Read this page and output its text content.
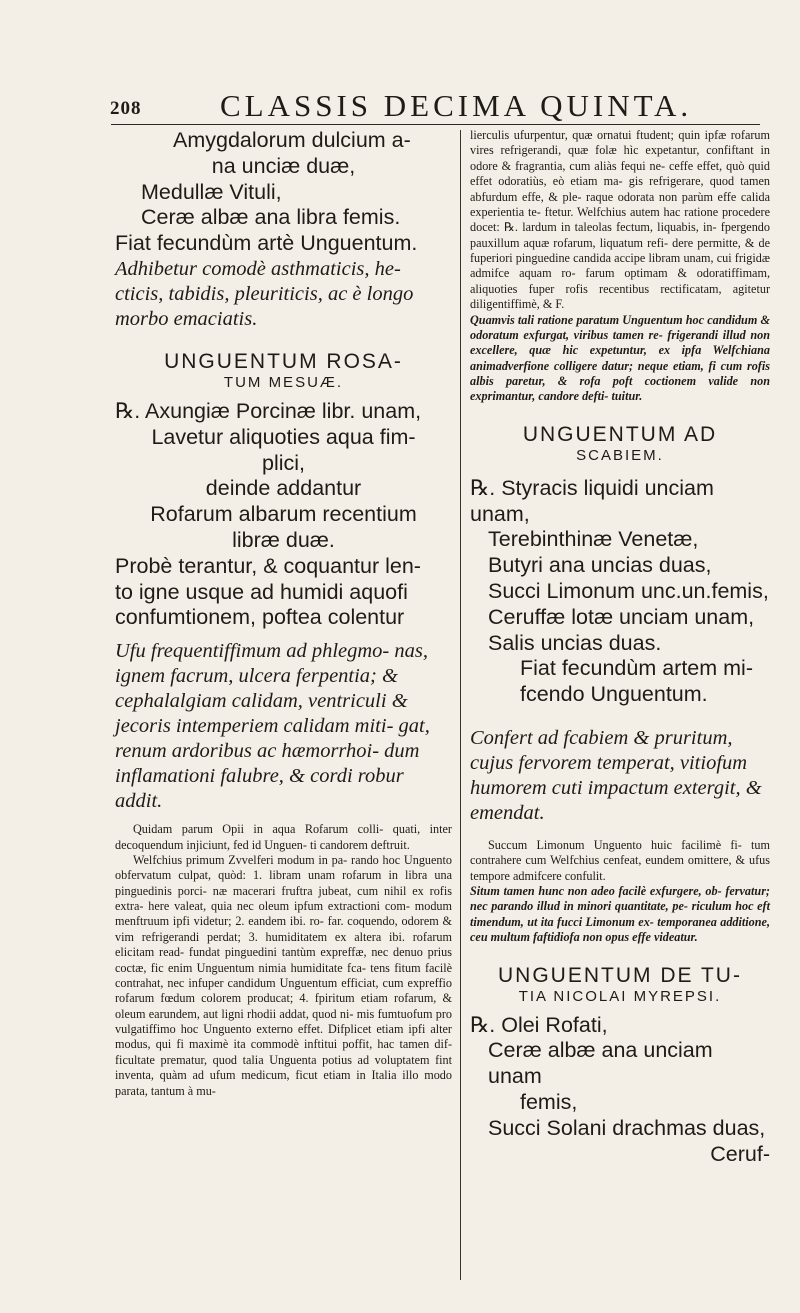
208	CLASSIS DECIMA QUINTA.

Amygdalorum dulcium a-

na unciæ duæ,

Medullæ Vituli,

Ceræ albæ ana libra femis.

Fiat fecundùm artè Unguentum.

Adhibetur comodè asthmaticis, he- cticis, tabidis, pleuriticis, ac è longo morbo emaciatis.

UNGUENTUM ROSA-

TUM MESUÆ.

℞. Axungiæ Porcinæ libr. unam,

Lavetur aliquoties aqua fim-

plici,

deinde addantur

Rofarum albarum recentium

libræ duæ.

Probè terantur, & coquantur len-

to igne usque ad humidi aquofi

confumtionem, poftea colentur

Ufu frequentiffimum ad phlegmo- nas, ignem facrum, ulcera ferpentia; & cephalalgiam calidam, ventriculi & jecoris intemperiem calidam miti- gat, renum ardoribus ac hæmorrhoi- dum inflamationi falubre, & cordi robur addit.

Quidam parum Opii in aqua Rofarum colli- quati, inter decoquendum injiciunt, fed id Unguen- ti candorem deftruit.

Welfchius primum Zvvelferi modum in pa- rando hoc Unguento obfervatum culpat, quòd: 1. libram unam rofarum in libra una pinguedinis porci- næ macerari fruftra jubeat, cum nihil ex rofis extra- here valeat, quia nec oleum ipfum extractioni com- modum menftruum ipfi videtur; 2. eandem ibi. ro- far. coquendo, odorem & vim refrigerandi perdat; 3. humiditatem ex altera ibi. rofarum elicitam read- fundat pinguedini tantùm expreffæ, nec denuo prius coctæ, fic enim Unguentum nimia humiditate fca- tens fitum facilè contrahat, nec infuper candidum Unguentum efficiat, cum expreffio rofarum fœdum colorem producat; 4. fpiritum etiam rofarum, & oleum earundem, aut ligni rhodii addat, quod ni- mis fumtuofum pro vulgatiffimo hoc Unguento externo effet. Difplicet etiam ipfi alter modus, qui fi maximè ita commodè inftitui poffit, hac tamen dif- ficultate prematur, quod talia Unguenta potius ad voluptatem fint inventa, quàm ad ufum medicum, ficut etiam in Italia illo modo parata, tantum à mu-

lierculis ufurpentur, quæ ornatui ftudent; quin ipfæ rofarum vires refrigerandi, quæ folæ hìc expetantur, confiftant in odore & fragrantia, cum aliàs fequi ne- ceffe effet, quò quid effet odoratiùs, eò etiam ma- gis refrigerare, quod tamen abfurdum effe, & ple- raque odorata non parùm effe calida experientia te- ftetur. Welfchius autem hac ratione procedere docet: ℞. lardum in taleolas fectum, liquabis, in- fpergendo pauxillum aquæ rofarum, liquatum refi- dere permitte, & de fuperiori pinguedine candida accipe libram unam, cui frigidæ admifce aquam ro- farum optimam & odoratiffimam, aliquoties fuper rofis recentibus rectificatam, agitetur diligentiffimè, & F.

Quamvis tali ratione paratum Unguentum hoc candidum & odoratum exfurgat, viribus tamen re- frigerandi illud non excellere, quæ hic expetuntur, ex ipfa Welfchiana animadverfione colligere datur; neque etiam, fi cum rofis albis paretur, & rofa poft coctionem valide non exprimantur, candore defti- tuitur.

UNGUENTUM AD

SCABIEM.

℞. Styracis liquidi unciam unam,

Terebinthinæ Venetæ,

Butyri ana uncias duas,

Succi Limonum unc.un.femis,

Ceruffæ lotæ unciam unam,

Salis uncias duas.

Fiat fecundùm artem mi-

fcendo Unguentum.

Confert ad fcabiem & pruritum, cujus fervorem temperat, vitiofum humorem cuti impactum extergit, & emendat.

Succum Limonum Unguento huic facilimè fi- tum contrahere cum Welfchius cenfeat, eundem omittere, & ufus tempore admifcere confulit.

Situm tamen hunc non adeo facilè exfurgere, ob- fervatur; nec parando illud in minori quantitate, pe- riculum hoc eft timendum, ut ita fucci Limonum ex- temporanea additione, ceu multum faftidiofa non opus effe videatur.

UNGUENTUM DE TU-

TIA NICOLAI MYREPSI.

℞. Olei Rofati,

Ceræ albæ ana unciam unam

femis,

Succi Solani drachmas duas,

Ceruf-
